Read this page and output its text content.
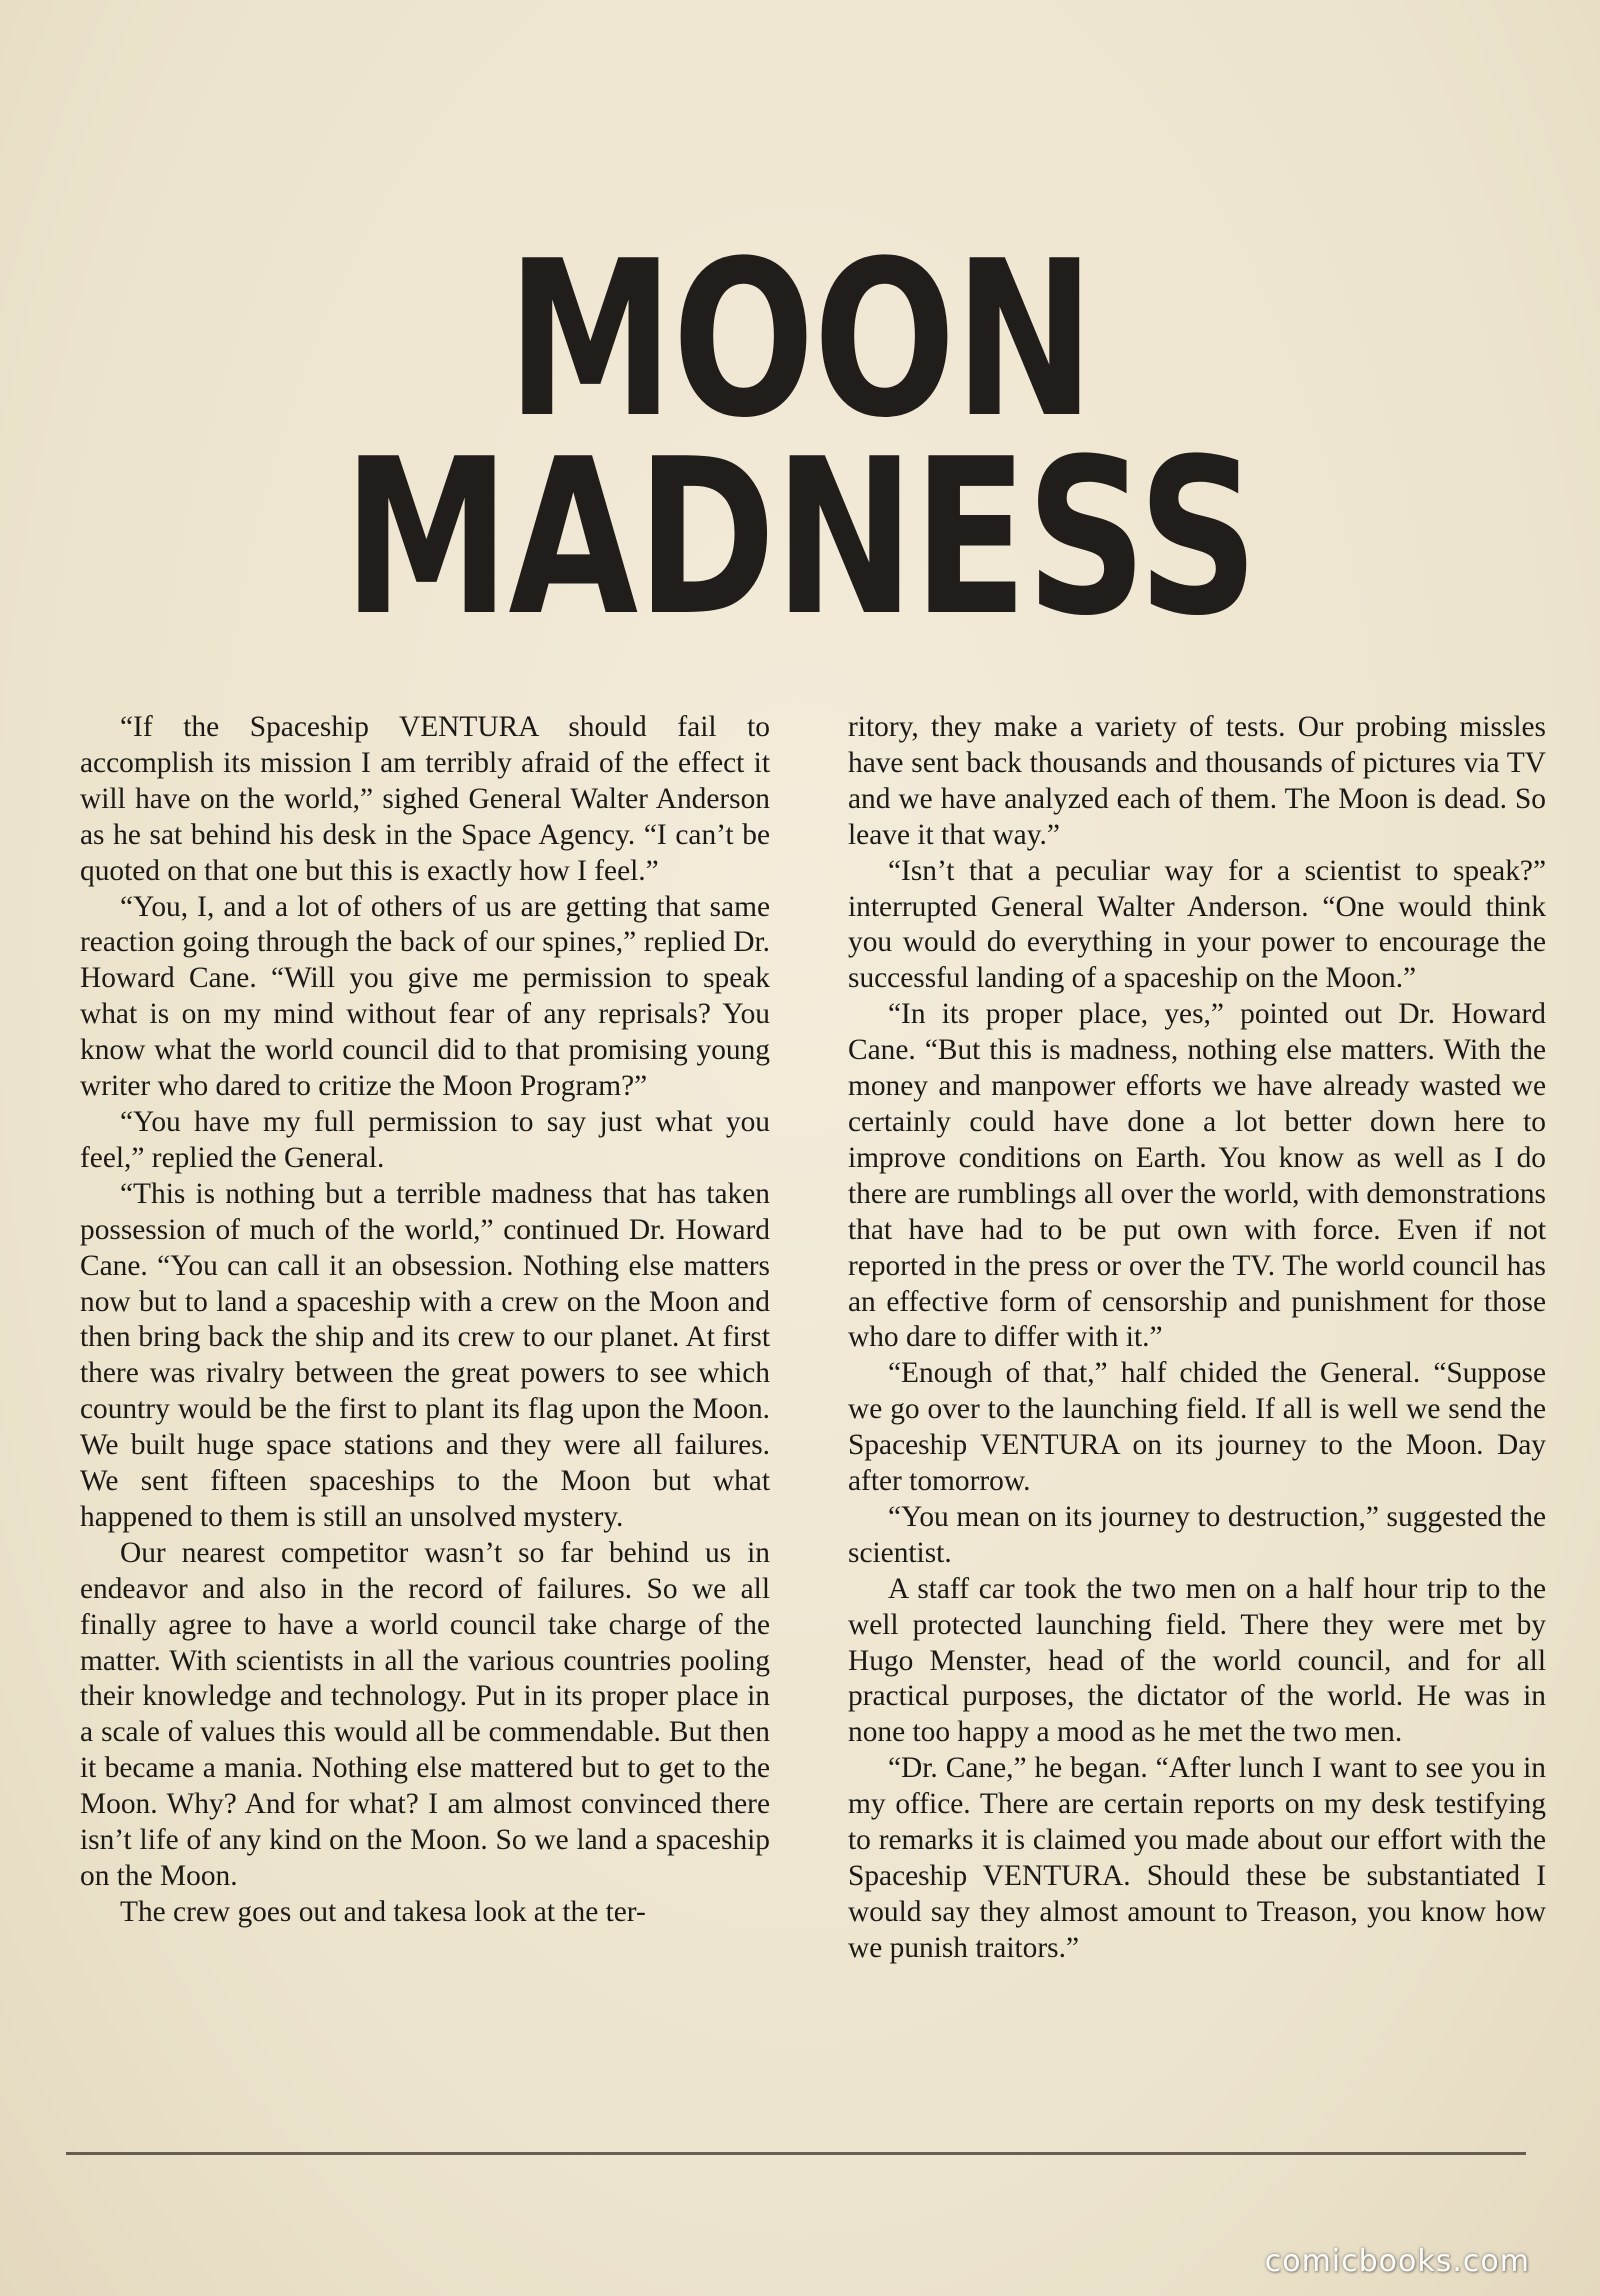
MOON
MADNESS

“If the Spaceship VENTURA should fail to accomplish its mission I am terribly afraid of the effect it will have on the world,” sighed General Walter Anderson as he sat behind his desk in the Space Agency. “I can’t be quoted on that one but this is exactly how I feel.”

“You, I, and a lot of others of us are getting that same reaction going through the back of our spines,” replied Dr. Howard Cane. “Will you give me permission to speak what is on my mind without fear of any reprisals? You know what the world council did to that promising young writer who dared to critize the Moon Program?”

“You have my full permission to say just what you feel,” replied the General.

“This is nothing but a terrible madness that has taken possession of much of the world,” continued Dr. Howard Cane. “You can call it an obsession. Nothing else matters now but to land a spaceship with a crew on the Moon and then bring back the ship and its crew to our planet. At first there was rivalry between the great powers to see which country would be the first to plant its flag upon the Moon. We built huge space stations and they were all failures. We sent fifteen spaceships to the Moon but what happened to them is still an unsolved mystery.

Our nearest competitor wasn’t so far behind us in endeavor and also in the record of failures. So we all finally agree to have a world council take charge of the matter. With scientists in all the various countries pooling their knowledge and technology. Put in its proper place in a scale of values this would all be commendable. But then it became a mania. Nothing else mattered but to get to the Moon. Why? And for what? I am almost convinced there isn’t life of any kind on the Moon. So we land a spaceship on the Moon.

The crew goes out and takesa look at the ter-

ritory, they make a variety of tests. Our probing missles have sent back thousands and thousands of pictures via TV and we have analyzed each of them. The Moon is dead. So leave it that way.”

“Isn’t that a peculiar way for a scientist to speak?” interrupted General Walter Anderson. “One would think you would do everything in your power to encourage the successful landing of a spaceship on the Moon.”

“In its proper place, yes,” pointed out Dr. Howard Cane. “But this is madness, nothing else matters. With the money and manpower efforts we have already wasted we certainly could have done a lot better down here to improve conditions on Earth. You know as well as I do there are rumblings all over the world, with demonstrations that have had to be put own with force. Even if not reported in the press or over the TV. The world council has an effective form of censorship and punishment for those who dare to differ with it.”

“Enough of that,” half chided the General. “Suppose we go over to the launching field. If all is well we send the Spaceship VENTURA on its journey to the Moon. Day after tomorrow.

“You mean on its journey to destruction,” suggested the scientist.

A staff car took the two men on a half hour trip to the well protected launching field. There they were met by Hugo Menster, head of the world council, and for all practical purposes, the dictator of the world. He was in none too happy a mood as he met the two men.

“Dr. Cane,” he began. “After lunch I want to see you in my office. There are certain reports on my desk testifying to remarks it is claimed you made about our effort with the Spaceship VENTURA. Should these be substantiated I would say they almost amount to Treason, you know how we punish traitors.”

comicbooks.com
